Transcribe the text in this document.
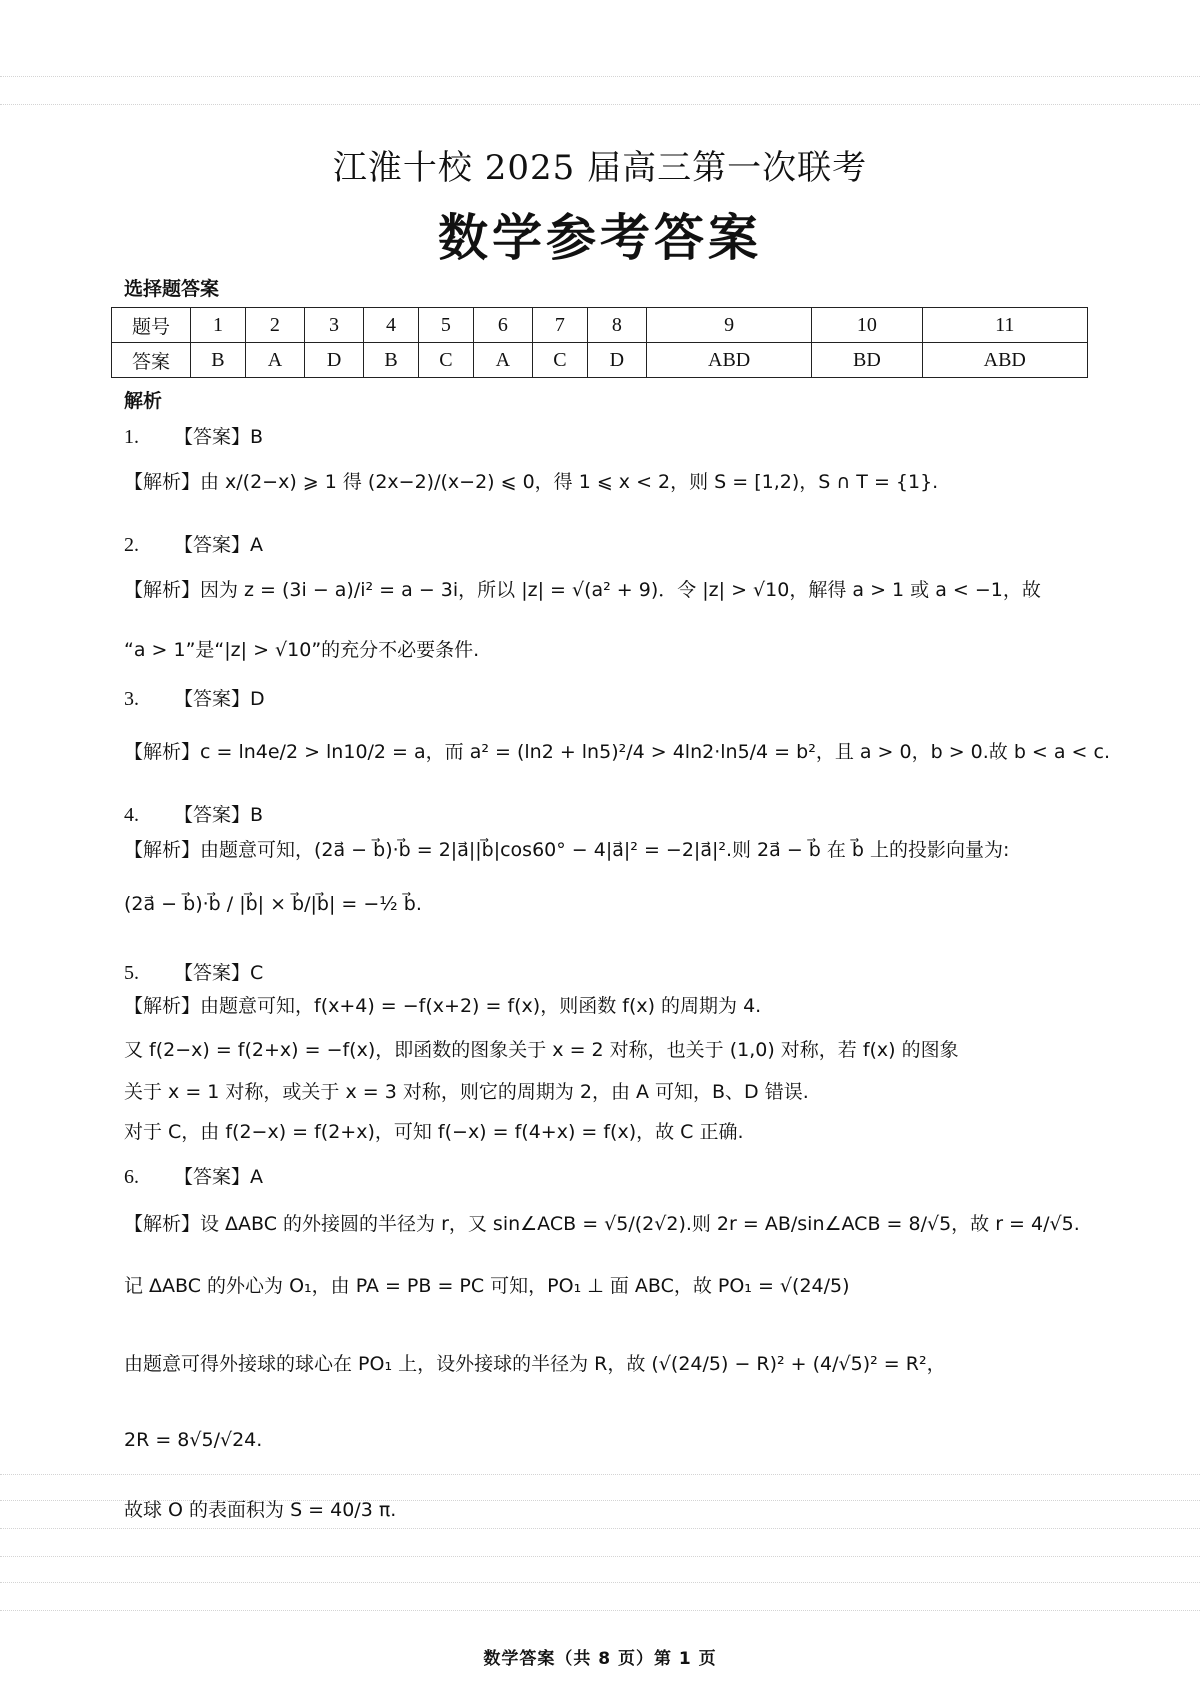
江淮十校 2025 届高三第一次联考
数学参考答案
选择题答案
题号	1	2	3	4	5	6	7	8	9	10	11
答案	B	A	D	B	C	A	C	D	ABD	BD	ABD
解析
1. 【答案】B
【解析】由 x/(2−x) ⩾ 1 得 (2x−2)/(x−2) ⩽ 0，得 1 ⩽ x < 2，则 S = [1,2)，S ∩ T = {1}.
2. 【答案】A
【解析】因为 z = (3i − a)/i² = a − 3i，所以 |z| = √(a² + 9)．令 |z| > √10，解得 a > 1 或 a < −1，故
“a > 1”是“|z| > √10”的充分不必要条件.
3. 【答案】D
【解析】c = ln4e/2 > ln10/2 = a，而 a² = (ln2 + ln5)²/4 > 4ln2·ln5/4 = b²，且 a > 0，b > 0.故 b < a < c.
4. 【答案】B
【解析】由题意可知，(2a⃗ − b⃗)·b⃗ = 2|a⃗||b⃗|cos60° − 4|a⃗|² = −2|a⃗|².则 2a⃗ − b⃗ 在 b⃗ 上的投影向量为:
(2a⃗ − b⃗)·b⃗ / |b⃗| × b⃗/|b⃗| = −½ b⃗.
5. 【答案】C
【解析】由题意可知，f(x+4) = −f(x+2) = f(x)，则函数 f(x) 的周期为 4.
又 f(2−x) = f(2+x) = −f(x)，即函数的图象关于 x = 2 对称，也关于 (1,0) 对称，若 f(x) 的图象
关于 x = 1 对称，或关于 x = 3 对称，则它的周期为 2，由 A 可知，B、D 错误.
对于 C，由 f(2−x) = f(2+x)，可知 f(−x) = f(4+x) = f(x)，故 C 正确.
6. 【答案】A
【解析】设 ΔABC 的外接圆的半径为 r，又 sin∠ACB = √5/(2√2).则 2r = AB/sin∠ACB = 8/√5，故 r = 4/√5.
记 ΔABC 的外心为 O₁，由 PA = PB = PC 可知，PO₁ ⊥ 面 ABC，故 PO₁ = √(24/5)
由题意可得外接球的球心在 PO₁ 上，设外接球的半径为 R，故 (√(24/5) − R)² + (4/√5)² = R²，
2R = 8√5/√24.
故球 O 的表面积为 S = 40/3 π.
数学答案（共 8 页）第 1 页
